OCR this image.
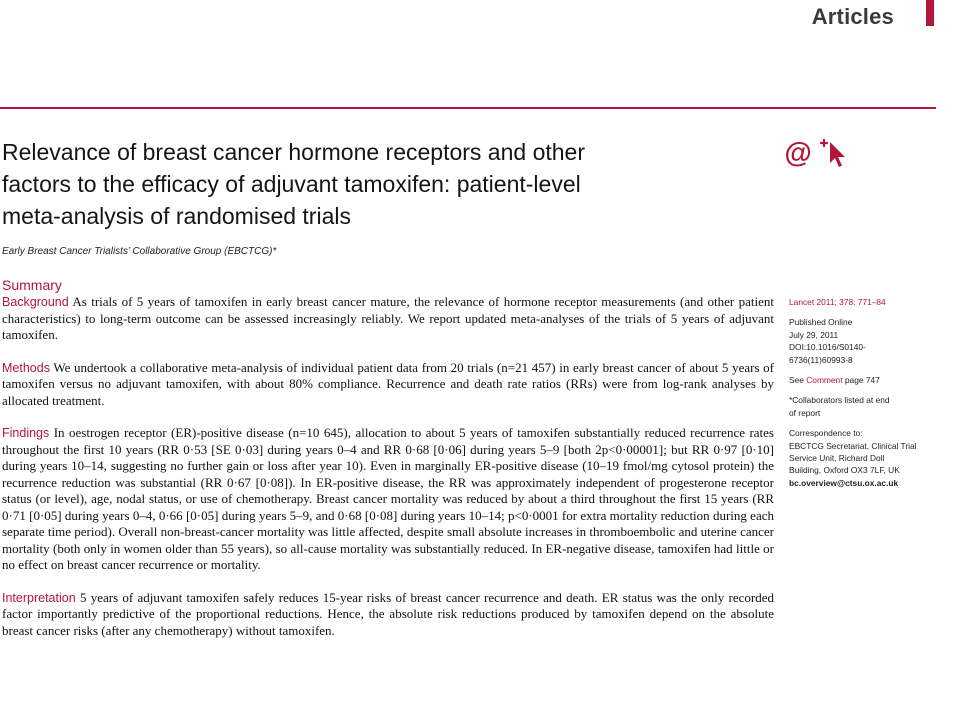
Articles
Relevance of breast cancer hormone receptors and other
factors to the efficacy of adjuvant tamoxifen: patient-level
meta-analysis of randomised trials
@
Early Breast Cancer Trialists’ Collaborative Group (EBCTCG)*
Summary

Background As trials of 5 years of tamoxifen in early breast cancer mature, the relevance of hormone receptor measurements (and other patient characteristics) to long-term outcome can be assessed increasingly reliably. We report updated meta-analyses of the trials of 5 years of adjuvant tamoxifen.

Methods We undertook a collaborative meta-analysis of individual patient data from 20 trials (n=21 457) in early breast cancer of about 5 years of tamoxifen versus no adjuvant tamoxifen, with about 80% compliance. Recurrence and death rate ratios (RRs) were from log-rank analyses by allocated treatment.

Findings In oestrogen receptor (ER)-positive disease (n=10 645), allocation to about 5 years of tamoxifen substantially reduced recurrence rates throughout the first 10 years (RR 0·53 [SE 0·03] during years 0–4 and RR 0·68 [0·06] during years 5–9 [both 2p<0·00001]; but RR 0·97 [0·10] during years 10–14, suggesting no further gain or loss after year 10). Even in marginally ER-positive disease (10–19 fmol/mg cytosol protein) the recurrence reduction was substantial (RR 0·67 [0·08]). In ER-positive disease, the RR was approximately independent of progesterone receptor status (or level), age, nodal status, or use of chemotherapy. Breast cancer mortality was reduced by about a third throughout the first 15 years (RR 0·71 [0·05] during years 0–4, 0·66 [0·05] during years 5–9, and 0·68 [0·08] during years 10–14; p<0·0001 for extra mortality reduction during each separate time period). Overall non-breast-cancer mortality was little affected, despite small absolute increases in thromboembolic and uterine cancer mortality (both only in women older than 55 years), so all-cause mortality was substantially reduced. In ER-negative disease, tamoxifen had little or no effect on breast cancer recurrence or mortality.

Interpretation 5 years of adjuvant tamoxifen safely reduces 15-year risks of breast cancer recurrence and death. ER status was the only recorded factor importantly predictive of the proportional reductions. Hence, the absolute risk reductions produced by tamoxifen depend on the absolute breast cancer risks (after any chemotherapy) without tamoxifen.

Lancet 2011; 378: 771–84
Published Online
July 29, 2011
DOI:10.1016/S0140-
6736(11)60993-8
See Comment page 747
*Collaborators listed at end
of report
Correspondence to:
EBCTCG Secretariat, Clinical Trial
Service Unit, Richard Doll
Building, Oxford OX3 7LF, UK
bc.overview@ctsu.ox.ac.uk
